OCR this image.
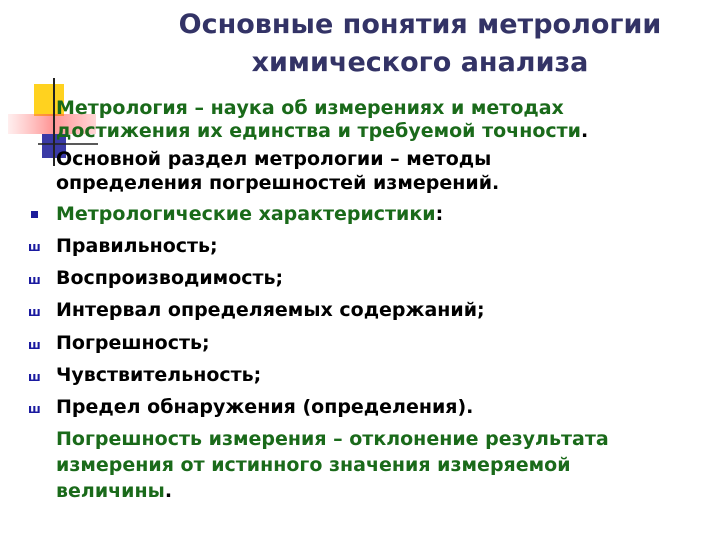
Основные понятия метрологии
химического анализа
Метрология – наука об измерениях и методах
достижения их единства и требуемой точности.
Основной раздел метрологии – методы
определения погрешностей измерений.
Метрологические характеристики:
ш Правильность;
ш Воспроизводимость;
ш Интервал определяемых содержаний;
ш Погрешность;
ш Чувствительность;
ш Предел обнаружения (определения).
Погрешность измерения – отклонение результата
измерения от истинного значения измеряемой
величины.
